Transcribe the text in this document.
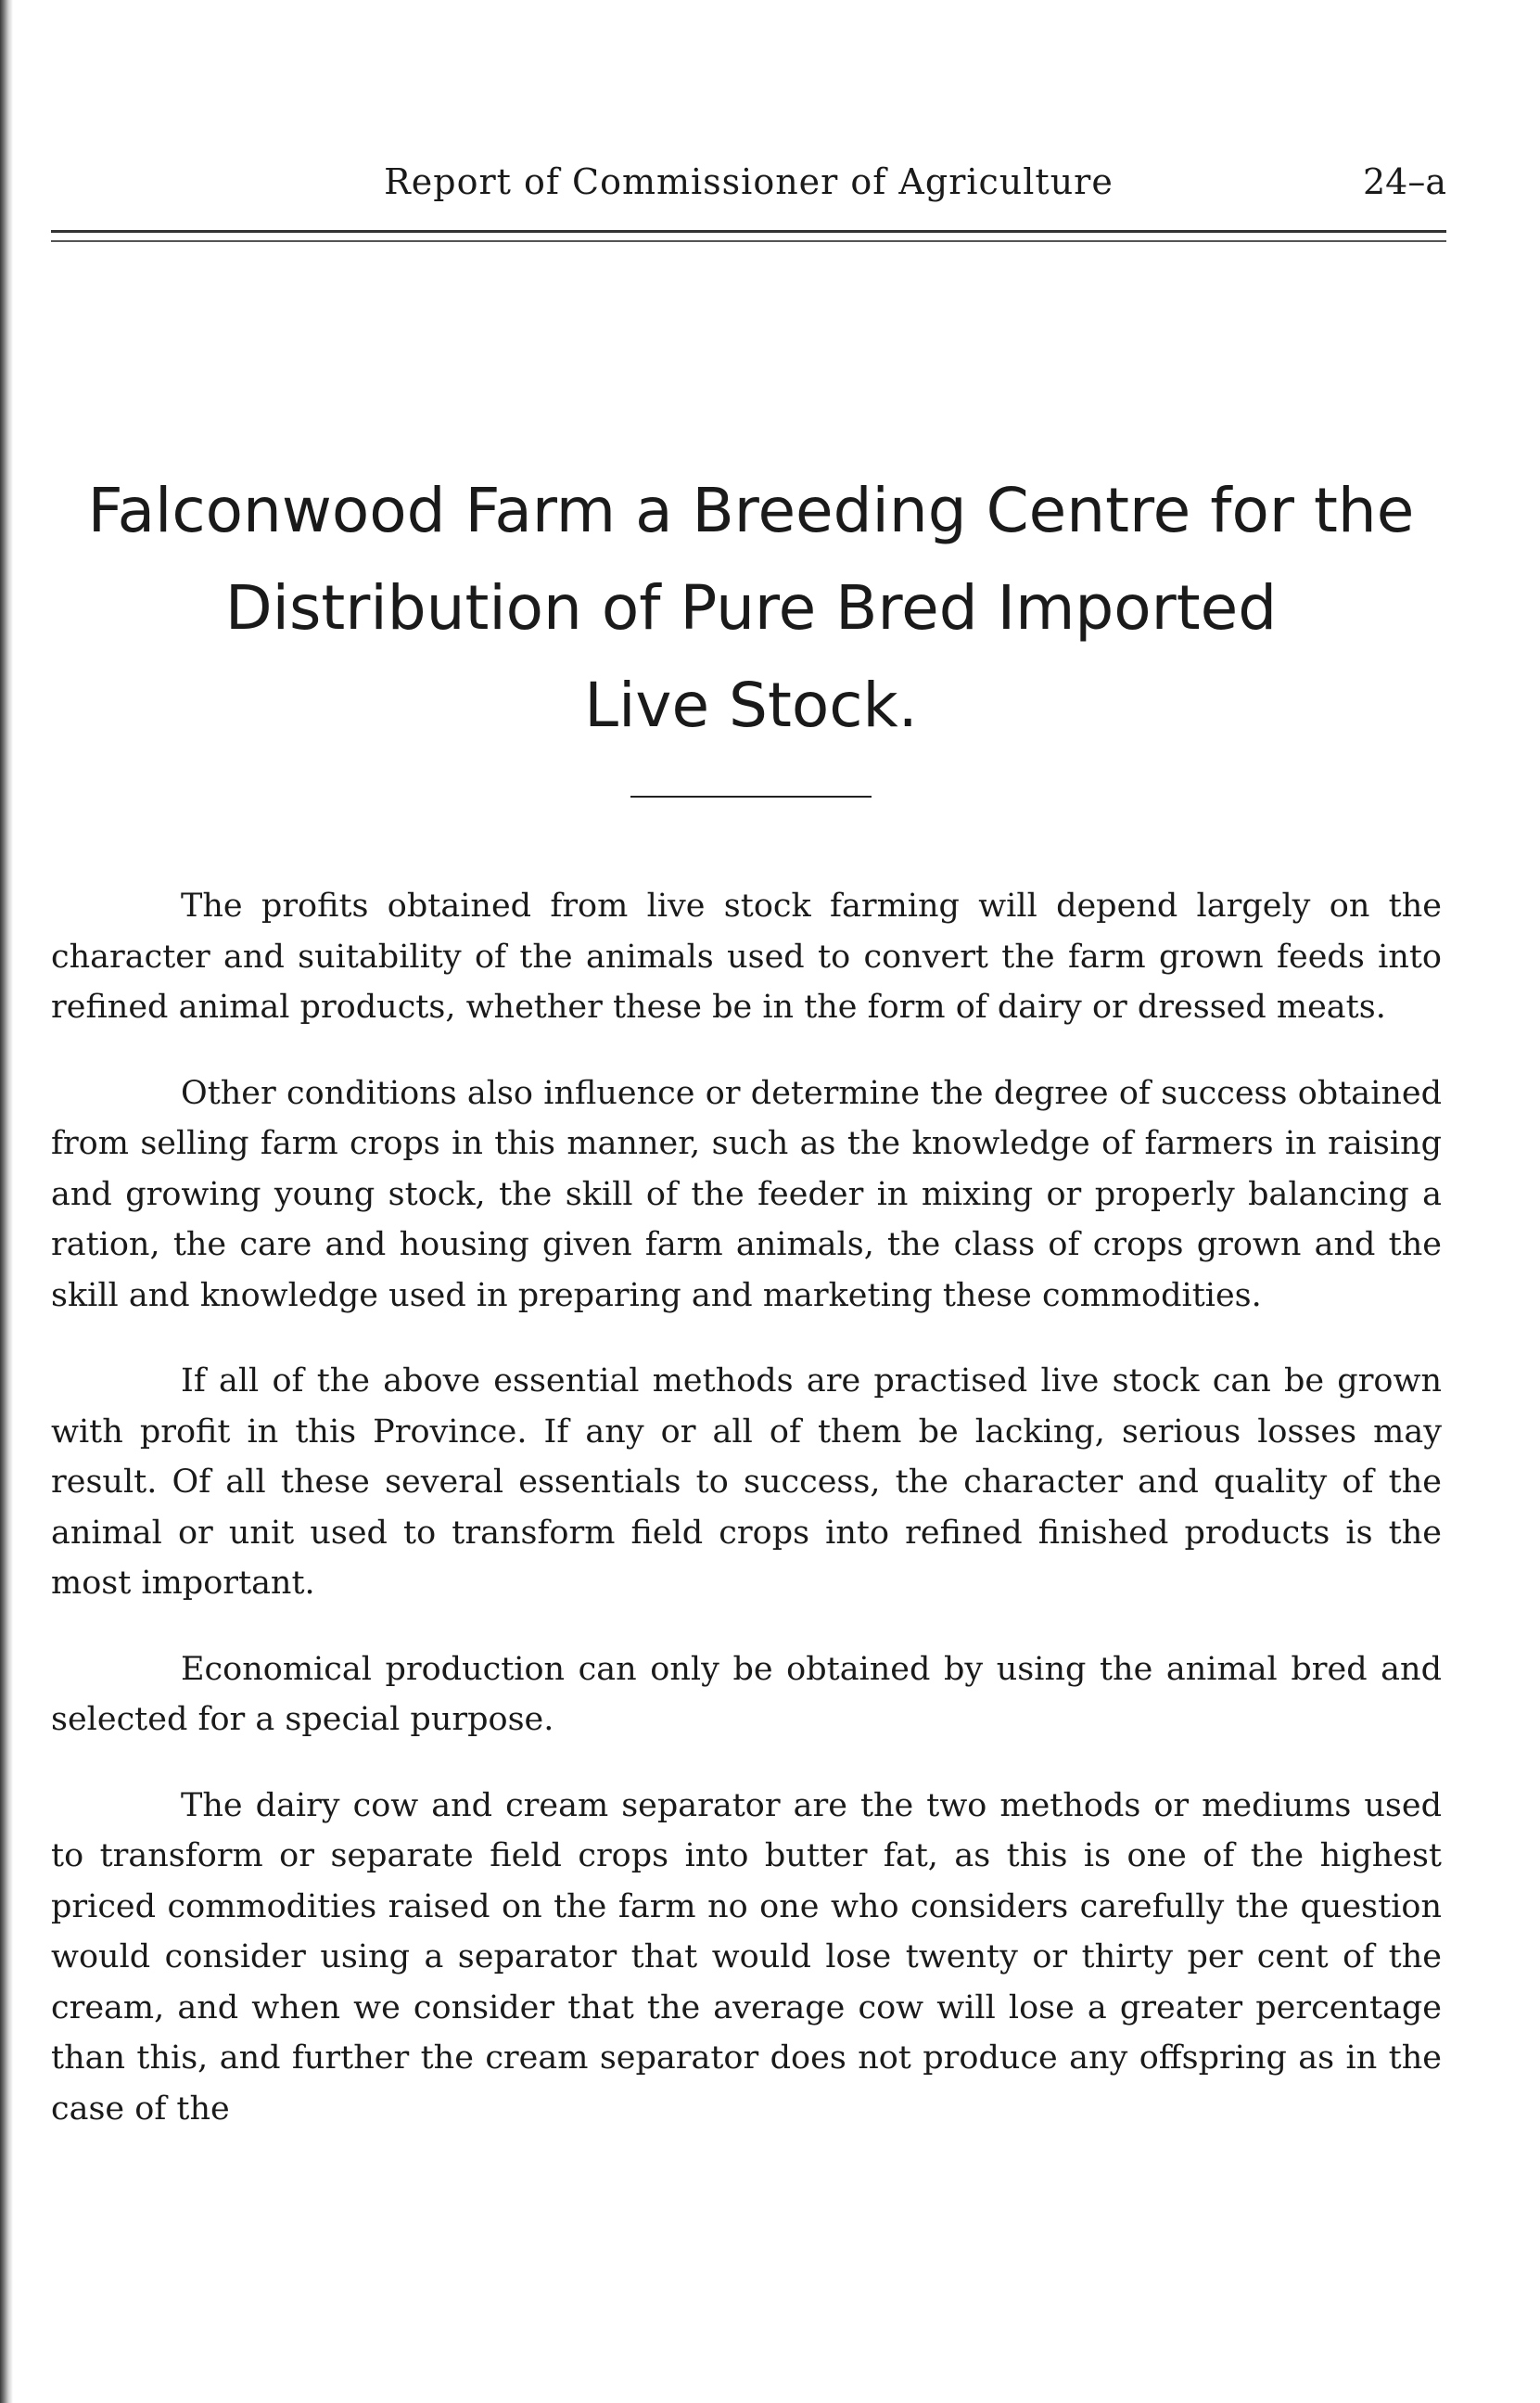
Report of Commissioner of Agriculture	24–a
Falconwood Farm a Breeding Centre for the
Distribution of Pure Bred Imported
Live Stock.

The profits obtained from live stock farming will depend largely on the character and suitability of the animals used to convert the farm grown feeds into refined animal products, whether these be in the form of dairy or dressed meats.

Other conditions also influence or determine the degree of success obtained from selling farm crops in this manner, such as the knowledge of farmers in raising and growing young stock, the skill of the feeder in mixing or properly balancing a ration, the care and housing given farm animals, the class of crops grown and the skill and knowledge used in preparing and marketing these commodities.

If all of the above essential methods are practised live stock can be grown with profit in this Province. If any or all of them be lacking, serious losses may result. Of all these several essentials to success, the character and quality of the animal or unit used to transform field crops into refined finished products is the most important.

Economical production can only be obtained by using the animal bred and selected for a special purpose.

The dairy cow and cream separator are the two methods or mediums used to transform or separate field crops into butter fat, as this is one of the highest priced commodities raised on the farm no one who considers carefully the question would consider using a separator that would lose twenty or thirty per cent of the cream, and when we consider that the average cow will lose a greater percentage than this, and further the cream separator does not produce any offspring as in the case of the
